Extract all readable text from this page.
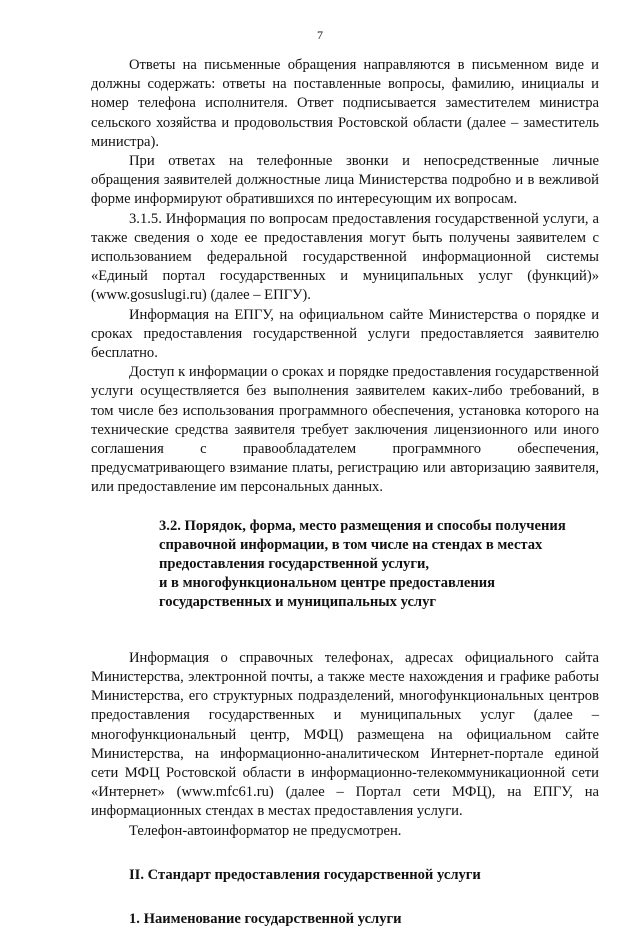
7

Ответы на письменные обращения направляются в письменном виде и должны содержать: ответы на поставленные вопросы, фамилию, инициалы и номер телефона исполнителя. Ответ подписывается заместителем министра сельского хозяйства и продовольствия Ростовской области (далее – заместитель министра).

При ответах на телефонные звонки и непосредственные личные обращения заявителей должностные лица Министерства подробно и в вежливой форме информируют обратившихся по интересующим их вопросам.

3.1.5. Информация по вопросам предоставления государственной услуги, а также сведения о ходе ее предоставления могут быть получены заявителем с использованием федеральной государственной информационной системы «Единый портал государственных и муниципальных услуг (функций)» (www.gosuslugi.ru) (далее – ЕПГУ).

Информация на ЕПГУ, на официальном сайте Министерства о порядке и сроках предоставления государственной услуги предоставляется заявителю бесплатно.

Доступ к информации о сроках и порядке предоставления государственной услуги осуществляется без выполнения заявителем каких-либо требований, в том числе без использования программного обеспечения, установка которого на технические средства заявителя требует заключения лицензионного или иного соглашения с правообладателем программного обеспечения, предусматривающего взимание платы, регистрацию или авторизацию заявителя, или предоставление им персональных данных.

3.2. Порядок, форма, место размещения и способы получения

справочной информации, в том числе на стендах в местах

предоставления государственной услуги,

и в многофункциональном центре предоставления

государственных и муниципальных услуг

Информация о справочных телефонах, адресах официального сайта Министерства, электронной почты, а также месте нахождения и графике работы Министерства, его структурных подразделений, многофункциональных центров предоставления государственных и муниципальных услуг (далее – многофункциональный центр, МФЦ) размещена на официальном сайте Министерства, на информационно-аналитическом Интернет-портале единой сети МФЦ Ростовской области в информационно-телекоммуникационной сети «Интернет» (www.mfc61.ru) (далее – Портал сети МФЦ), на ЕПГУ, на информационных стендах в местах предоставления услуги.

Телефон-автоинформатор не предусмотрен.

II. Стандарт предоставления государственной услуги

1. Наименование государственной услуги
